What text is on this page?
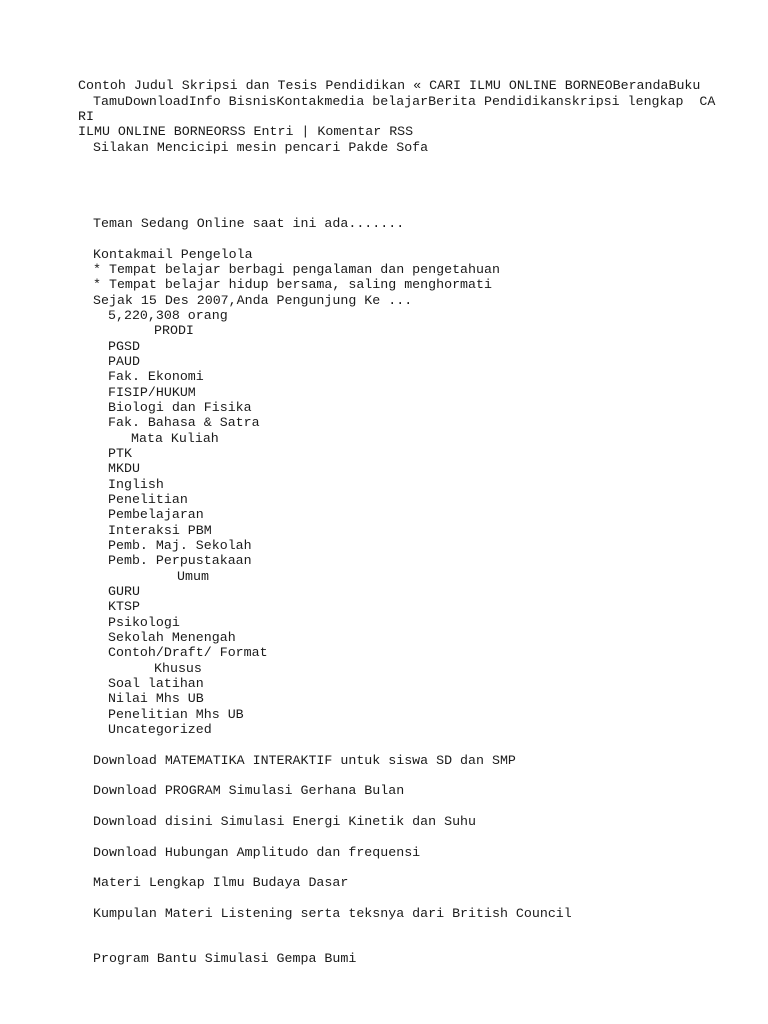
Contoh Judul Skripsi dan Tesis Pendidikan « CARI ILMU ONLINE BORNEOBerandaBuku
TamuDownloadInfo BisnisKontakmedia belajarBerita Pendidikanskripsi lengkap  CA
RI
ILMU ONLINE BORNEORSS Entri | Komentar RSS
Silakan Mencicipi mesin pencari Pakde Sofa
Teman Sedang Online saat ini ada.......
Kontakmail Pengelola
* Tempat belajar berbagi pengalaman dan pengetahuan
* Tempat belajar hidup bersama, saling menghormati
Sejak 15 Des 2007,Anda Pengunjung Ke ...
5,220,308 orang
PRODI
PGSD
PAUD
Fak. Ekonomi
FISIP/HUKUM
Biologi dan Fisika
Fak. Bahasa & Satra
Mata Kuliah
PTK
MKDU
Inglish
Penelitian
Pembelajaran
Interaksi PBM
Pemb. Maj. Sekolah
Pemb. Perpustakaan
Umum
GURU
KTSP
Psikologi
Sekolah Menengah
Contoh/Draft/ Format
Khusus
Soal latihan
Nilai Mhs UB
Penelitian Mhs UB
Uncategorized
Download MATEMATIKA INTERAKTIF untuk siswa SD dan SMP
Download PROGRAM Simulasi Gerhana Bulan
Download disini Simulasi Energi Kinetik dan Suhu
Download Hubungan Amplitudo dan frequensi
Materi Lengkap Ilmu Budaya Dasar
Kumpulan Materi Listening serta teksnya dari British Council
Program Bantu Simulasi Gempa Bumi
